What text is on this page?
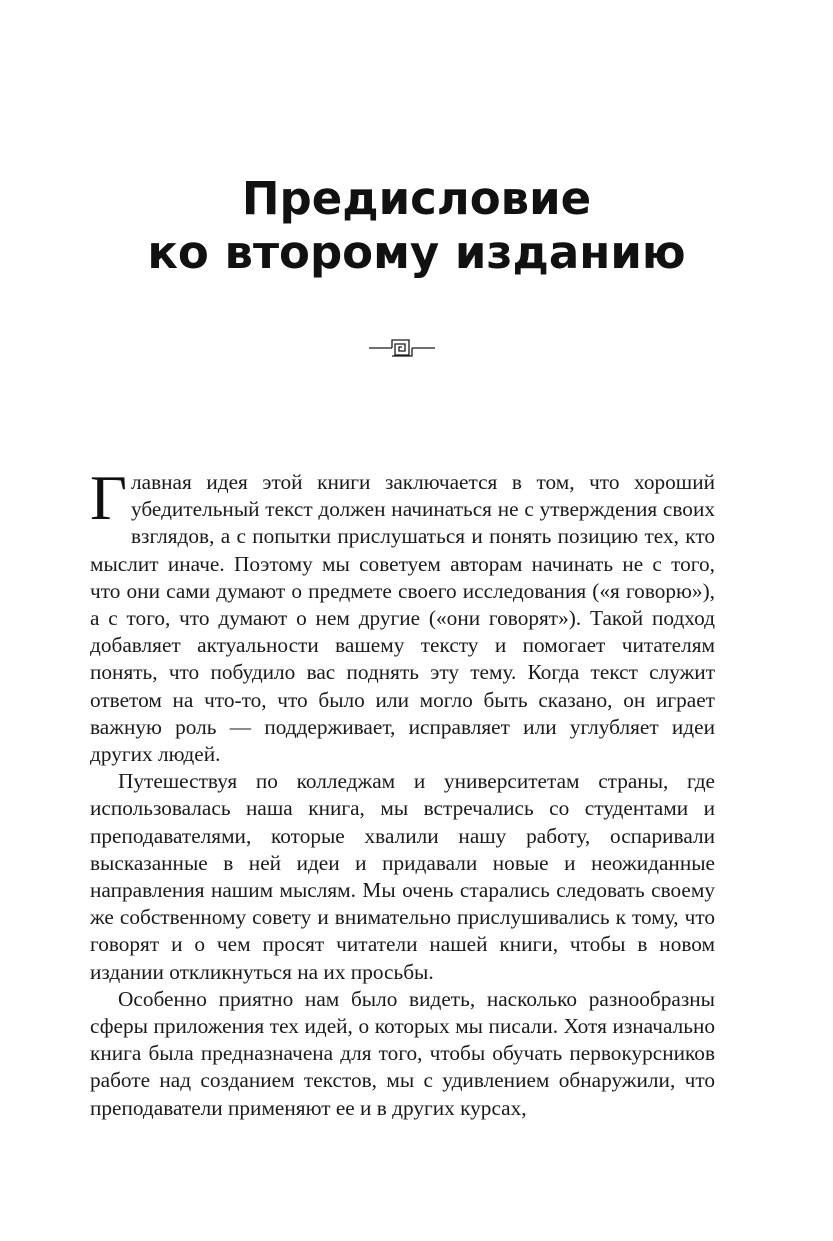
Предисловие
ко второму изданию

Главная идея этой книги заключается в том, что хороший убедительный текст должен начинаться не с утверждения своих взглядов, а с попытки прислушаться и понять позицию тех, кто мыслит иначе. Поэтому мы советуем авторам начинать не с того, что они сами думают о предмете своего исследования («я говорю»), а с того, что думают о нем другие («они говорят»). Такой подход добавляет актуальности вашему тексту и помогает читателям понять, что побудило вас поднять эту тему. Когда текст служит ответом на что-то, что было или могло быть сказано, он играет важную роль — поддерживает, исправляет или углубляет идеи других людей.

Путешествуя по колледжам и университетам страны, где использовалась наша книга, мы встречались со студентами и преподавателями, которые хвалили нашу работу, оспаривали высказанные в ней идеи и придавали новые и неожиданные направления нашим мыслям. Мы очень старались следовать своему же собственному совету и внимательно прислушивались к тому, что говорят и о чем просят читатели нашей книги, чтобы в новом издании откликнуться на их просьбы.

Особенно приятно нам было видеть, насколько разнообразны сферы приложения тех идей, о которых мы писали. Хотя изначально книга была предназначена для того, чтобы обучать первокурсников работе над созданием текстов, мы с удивлением обнаружили, что преподаватели применяют ее и в других курсах,
